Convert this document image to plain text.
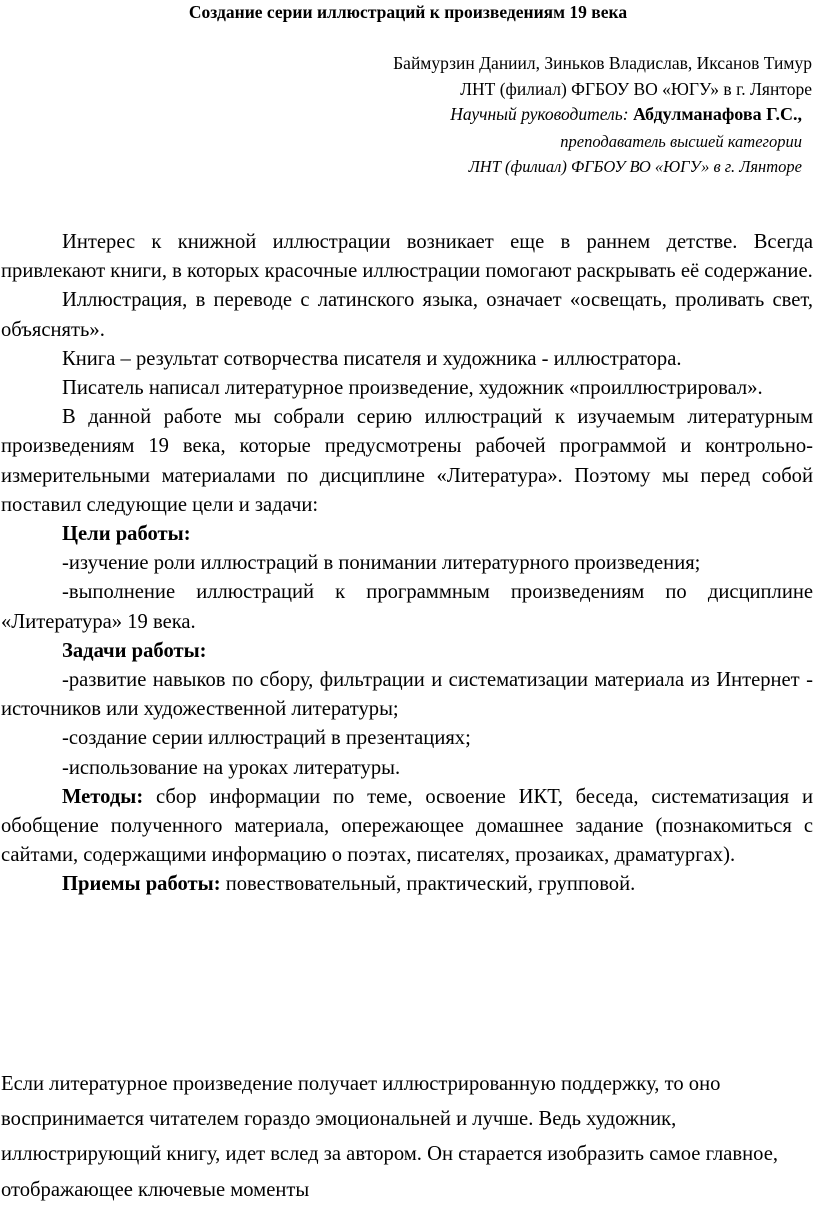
Создание серии иллюстраций к произведениям 19 века
Баймурзин Даниил, Зиньков Владислав, Иксанов Тимур
ЛНТ (филиал) ФГБОУ ВО «ЮГУ» в г. Лянторе
Научный руководитель: Абдулманафова Г.С.,
преподаватель высшей категории
ЛНТ (филиал) ФГБОУ ВО «ЮГУ» в г. Лянторе

Интерес к книжной иллюстрации возникает еще в раннем детстве. Всегда привлекают книги, в которых красочные иллюстрации помогают раскрывать её содержание.

Иллюстрация, в переводе с латинского языка, означает «освещать, проливать свет, объяснять».

Книга – результат сотворчества писателя и художника - иллюстратора.

Писатель написал литературное произведение, художник «проиллюстрировал».

В данной работе мы собрали серию иллюстраций к изучаемым литературным произведениям 19 века, которые предусмотрены рабочей программой и контрольно-измерительными материалами по дисциплине «Литература». Поэтому мы перед собой поставил следующие цели и задачи:

Цели работы:

-изучение роли иллюстраций в понимании литературного произведения;

-выполнение иллюстраций к программным произведениям по дисциплине «Литература» 19 века.

Задачи работы:

-развитие навыков по сбору, фильтрации и систематизации материала из Интернет - источников или художественной литературы;

-создание серии иллюстраций в презентациях;

-использование на уроках литературы.

Методы: сбор информации по теме, освоение ИКТ, беседа, систематизация и обобщение полученного материала, опережающее домашнее задание (познакомиться с сайтами, содержащими информацию о поэтах, писателях, прозаиках, драматургах).

Приемы работы: повествовательный, практический, групповой.

Если литературное произведение получает иллюстрированную поддержку, то оно воспринимается читателем гораздо эмоциональней и лучше. Ведь художник, иллюстрирующий книгу, идет вслед за автором. Он старается изобразить самое главное, отображающее ключевые моменты
